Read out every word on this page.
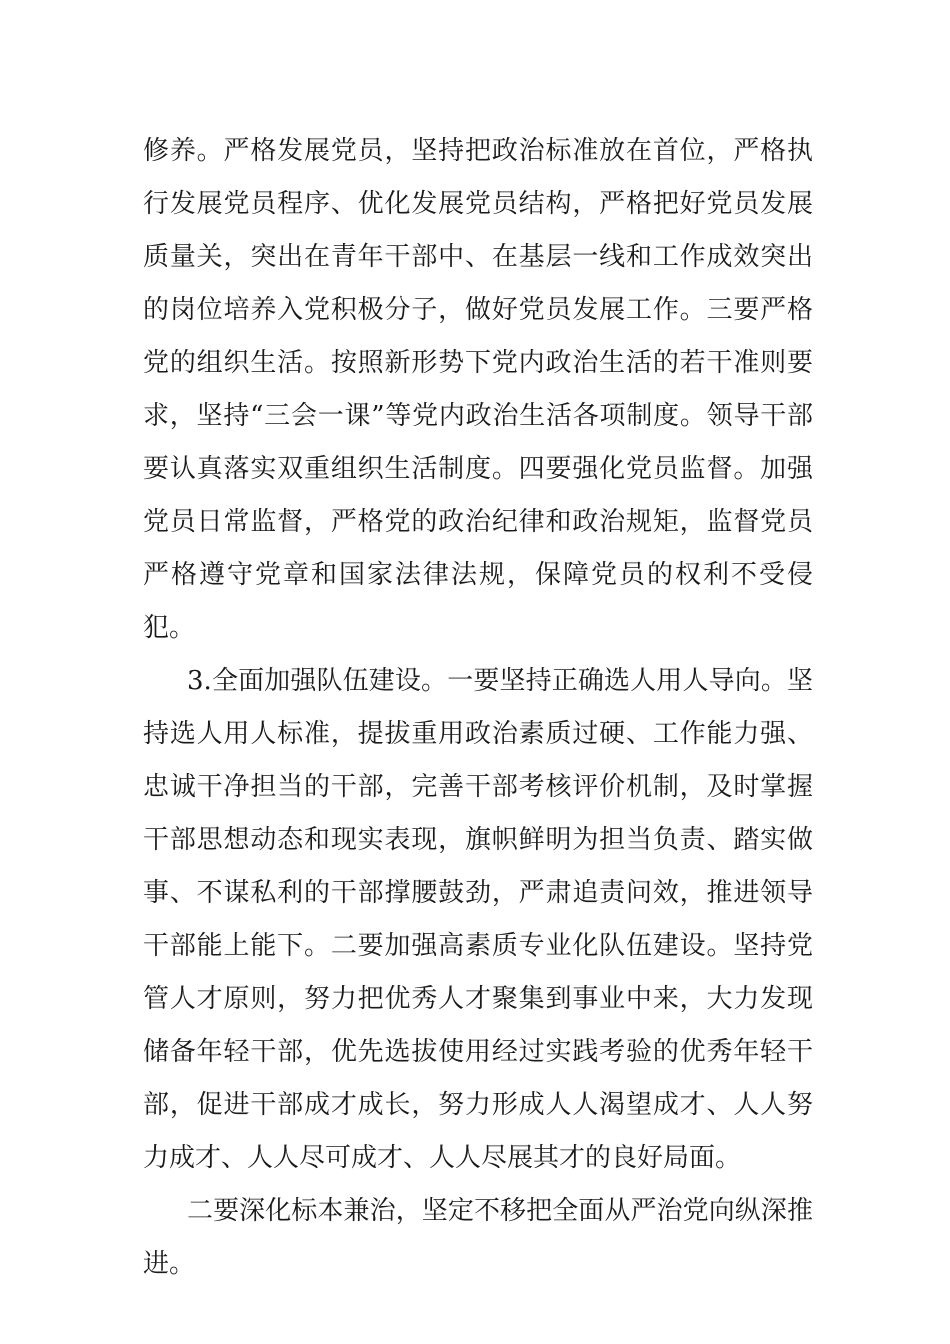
修养。严格发展党员，坚持把政治标准放在首位，严格执行发展党员程序、优化发展党员结构，严格把好党员发展质量关，突出在青年干部中、在基层一线和工作成效突出的岗位培养入党积极分子，做好党员发展工作。三要严格党的组织生活。按照新形势下党内政治生活的若干准则要求，坚持“三会一课”等党内政治生活各项制度。领导干部要认真落实双重组织生活制度。四要强化党员监督。加强党员日常监督，严格党的政治纪律和政治规矩，监督党员严格遵守党章和国家法律法规，保障党员的权利不受侵犯。

3.全面加强队伍建设。一要坚持正确选人用人导向。坚持选人用人标准，提拔重用政治素质过硬、工作能力强、忠诚干净担当的干部，完善干部考核评价机制，及时掌握干部思想动态和现实表现，旗帜鲜明为担当负责、踏实做事、不谋私利的干部撑腰鼓劲，严肃追责问效，推进领导干部能上能下。二要加强高素质专业化队伍建设。坚持党管人才原则，努力把优秀人才聚集到事业中来，大力发现储备年轻干部，优先选拔使用经过实践考验的优秀年轻干部，促进干部成才成长，努力形成人人渴望成才、人人努力成才、人人尽可成才、人人尽展其才的良好局面。

二要深化标本兼治，坚定不移把全面从严治党向纵深推进。
